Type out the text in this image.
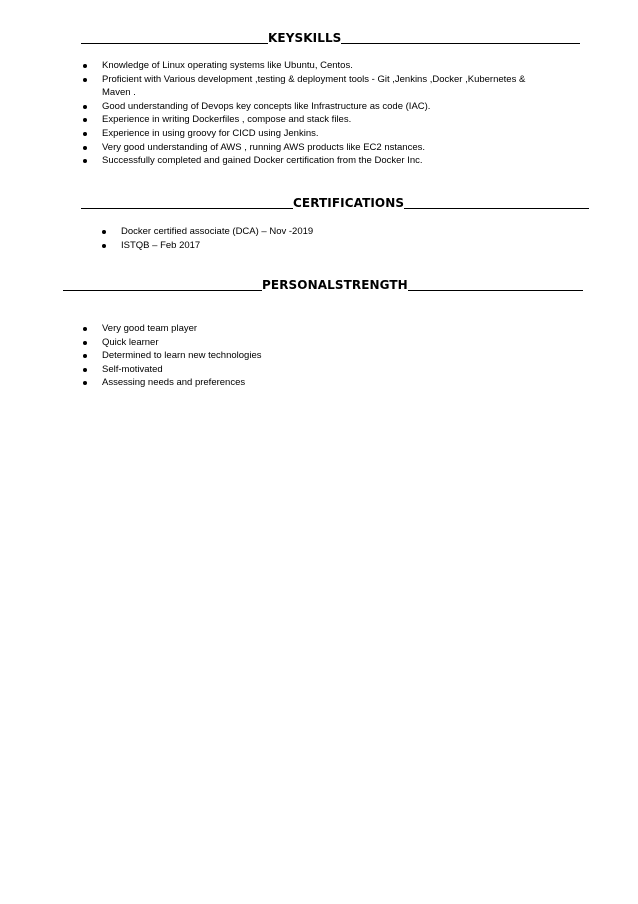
KEYSKILLS
Knowledge of Linux operating systems like Ubuntu, Centos.
Proficient with Various development ,testing & deployment tools - Git ,Jenkins ,Docker ,Kubernetes &
Maven .
Good understanding of Devops key concepts like Infrastructure as code (IAC).
Experience in writing Dockerfiles , compose and stack files.
Experience in using groovy for CICD using Jenkins.
Very good understanding of AWS , running AWS products like EC2 nstances.
Successfully completed and gained Docker certification from the Docker Inc.
CERTIFICATIONS
Docker certified associate (DCA) – Nov -2019
ISTQB – Feb 2017
PERSONALSTRENGTH
Very good team player
Quick learner
Determined to learn new technologies
Self-motivated
Assessing needs and preferences
